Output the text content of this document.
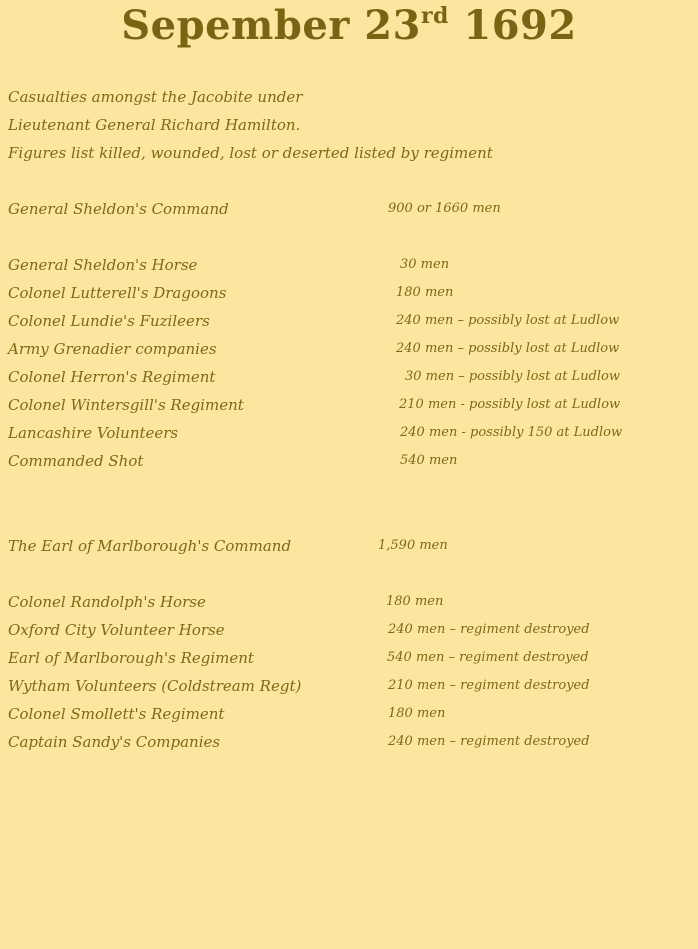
Sepember 23rd 1692
Casualties amongst the Jacobite under
Lieutenant General Richard Hamilton.
Figures list killed, wounded, lost or deserted listed by regiment
General Sheldon's Command	900 or 1660 men
General Sheldon's Horse	30 men
Colonel Lutterell's Dragoons	180 men
Colonel Lundie's Fuzileers	240 men – possibly lost at Ludlow
Army Grenadier companies	240 men – possibly lost at Ludlow
Colonel Herron's Regiment	30 men – possibly lost at Ludlow
Colonel Wintersgill's Regiment	210 men - possibly lost at Ludlow
Lancashire Volunteers	240 men - possibly 150 at Ludlow
Commanded Shot	540 men
The Earl of Marlborough's Command	1,590 men
Colonel Randolph's Horse	180 men
Oxford City Volunteer Horse	240 men – regiment destroyed
Earl of Marlborough's Regiment	540 men – regiment destroyed
Wytham Volunteers (Coldstream Regt)	210 men – regiment destroyed
Colonel Smollett's Regiment	180 men
Captain Sandy's Companies	240 men – regiment destroyed
